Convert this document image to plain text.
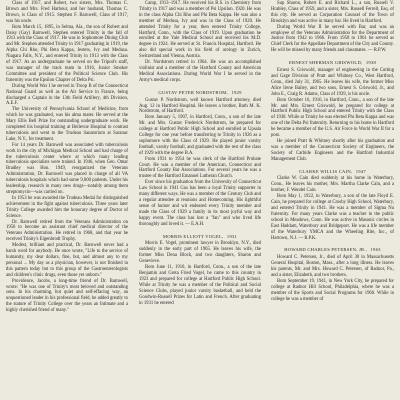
Class of 1917, and Robert, two sisters, Mrs. Thomas C. Brown and Mrs. Fred Harbour, and her husband, Thomas C. Brown, is Class of 1915. Stephen F. Barnwell, Class of 1917, was his uncle.

Born March 15, 1895, in Selma, Ala., the son of Robert and Daisy (Gay) Barnwell, Stephen entered Trinity in the fall of 1913 with the Class of 1917. He was in Sophomore Dining Club and Mr. Stephen attended Trinity in 1917 graduating in 1919, the Alpha Chi Rho, Phi Beta Kappa, Jesters, Ivy and Medusa. Niagara Falls, N.Y., and entered Trinity in 1913 with the Class of 1917. As an undergraduate he served on the Tripod's staff, was manager of the track team in 1916, Junior Smoker Committee and president of the Political Science Club. His fraternity was the Epsilon Chapter of Delta Psi.

During World War I he served in Troop B of the Connecticut National Guard as well as the Air Service in France, being discharged a Captain in the 13th Field Artillery, 4th Division, A.E.F.

The University of Pennsylvania School of Medicine, from which he was graduated, was his alma mater. He served at the Mary Ellis Bell Prize for outstanding undergraduate work. He completed his hospital training at Bellevue Hospital to contrast tuberculosis and went to the Trudeau Sanatorium at Saranac Lake, N.Y., for treatment.

For 14 years Dr. Barnwell was associated with tuberculosis work in the city of Michigan Medical School and had charge of the tuberculosis center where at which many leading tuberculosis specialists were trained. In 1946, when Gen. Omar Bradley was Hon. 1949, reorganized the Veterans Administration, Dr. Barnwell was placed in charge of all VA tuberculosis hospitals which had some 9,000 patients. Under his leadership, research in many new drugs—notably among them streptomycin—was carried on.

In 1953 he was awarded the Trudeau Medal for distinguished achievement in the fight against tuberculosis. Three years later Trinity College awarded him the honorary degree of Doctor of Science.

Dr. Barnwell retired from the Veterans Administration on 1956 to become an assistant chief medical director of the Veterans Administration. He retired in 1968, and that year he received Trinity's Eigenbrodt Trophy.

Modest, brilliant and practical, Dr. Barnwell never had a harsh word for anybody. He once wrote, "Life to the service of humanity, my dear dollars, fine, but, and almost any to my personal ... My day as a physician, however, is not finished in this pattern today but to this group of the Gastroenterologists and children's clinic drugs, even those yet unborn."

Providence, Jacobs, a long-time friend of Dr. Barnwell, wrote: "He was one of Trinity's most beloved and outstanding sons. In his charming, but quiet and self-effacing way, an unquestioned leader in his professional field, he added greatly to the stature of Trinity College over the years an Intimate and a highly cherished friend of many."

Camp, 1913–1917. He received his B.S. in Chemistry from Trinity in 1917 and was a member of Psi Upsilon. 1920. He was in the class Alpha Chi Rho and Phi Beta Kappa. He was also a member of Medusa, Ivy and was in the Class of 1920. He attended Trinity for a year, then entered Trinity College, Hartford, Conn., with the Class of 1919. Upon graduation he enrolled at the Yale Medical School and received his M.D. degree in 1924. He served at St. Francis Hospital, Hartford. He also did special work in his field of urology in Zurich, Switzerland and Vienna, Austria.

Dr. Nordstrom retired in 1964. He was an accomplished violinist and a member of the Hartford County and American Medical Associations. During World War I he served in the Army's medical corps.

GUSTAV PETER NORDSTROM, 1929

Gustav P. Nordstrom, well known Hartford attorney, died Aug. 12 in Hartford Hospital. He leaves a brother, Ruth M. K. Nordstrom, of Hartford.

Born January 5, 1907, in Hartford, Conn., a son of the late Mr. and Mrs. Gustav Frederick Nordstrom, he prepared for college at Hartford Public High School and enrolled at Upsala College for one year before transferring to Trinity in 1926 as a sophomore with the Class of 1929. He played junior varsity football, varsity football, and graduated with the rest of the class of 1929 with the degree B.A.

From 1931 to 1954 he was clerk of the Hartford Probate Court. He was a member of the American, Connecticut and Hartford County Bar Associations. For several years he was a trustee of the Hartford Emanuel Lutheran Church.

Ever since his graduation from the University of Connecticut Law School in 1941 Gus has been a loyal Trinity supporter in many different ways. He was a member of the Century Club and a regular attendee at reunions and Homecoming. His lighthful sense of humor and wit endeared every Trinity member and made the Class of 1929 a family in its most joyful way and happy event. The class has lost a "fan" and who lived life thoroughly and loved it. — E.A.H.

MORRIS ELLIOTT VOGEL, 1931

Morris E. Vogel, prominent lawyer in Brooklyn, N.Y., died suddenly in the early part of 1965. He leaves his wife, the former Miss Dena Block, and two daughters, Sharon and Genevieve.

Born June 11, 1910, in Hartford, Conn., a son of the late Benjamin and Greta Fried Vogel, he came to this country in 1923 and prepared for college at Hartford Public High School. While at Trinity he was a member of the Political and Social Science Clubs, played junior varsity basketball, and held the Goodwin-Russell Prizes for Latin and French. After graduating in 1931 he entered

Sup Sharon, Robert E. and Richard L., a son, Russell V. Hrabley, Class of 1959, and a sister, Mrs. Russell Ferrell, Esq. of this city. He served as Corporation Counsel of the Town of Brooklyn and was active in many bar. He lived in Hartford.

During World War II he served with Bar, and was an employee of the Veterans Administration for the Department of Justice from 1942 to 1966. From 1958 to 1961 he served as Chief Clerk for the Appellate Department of the City and County. He will be missed by many friends and classmates. — R.P.W.

ERNEST SHERMAN GRISWOLD, 1938

Ernest S. Griswold, manager of engineering in the Cutting and Gage Division of Pratt and Whitney Co., West Hartford, Conn., died July 31, 1965. He leaves his wife, the former Miss Alice Irene Bailey, and two sons, Ernest S. Griswold, Jr., and John E., Craig R. Adams, Class of 1939, is his uncle.

Born October 16, 1916, in Hartford, Conn., a son of the late Mr. and Mrs. Ernest Griswold, he prepared for college at Hartford Public High School and entered Trinity with the Class of 1938. While at Trinity he was elected Phi Beta Kappa and was one of the Delta Psi fraternity. Returning to his home in Hartford he became a member of the U.S. Air Force in World War II for a post.

He joined Pratt & Whitney shortly after his graduation and was a member of the Connecticut Society of Engineers, the Society of Carbide Engineers and the Hartford Industrial Management Club.

CLARKE WILLIS CAIN, 1947

Clarke W. Cain died suddenly at his home in Waterbury, Conn., He leaves his mother, Mrs. Martha Clarke Cain, and a brother, F. Wendel Cain.

Born May 1, 1922, in Waterbury, a son of the late Floyd E. Cain, he prepared for college at Crosby High School, Waterbury, and entered Trinity in 1941. He was a member of Sigma Nu fraternity. For many years Clarke was a teacher in the public school in Meadows, Conn. He was active in Masonic circles in East Haddam, Waterbury and Bridgeport. He was a life member of the Waterbury YMCA and the Wheeling Rite, Inc., of Hartown, N.J. — R.P.K.

HOWARD CHARLES PETERSEN, JR., 1963

Howard C. Petersen, Jr., died of April 30 in Massachusetts General Hospital, Boston, Mass., after a long illness. He leaves his parents, Mr. and Mrs. Howard C. Petersen, of Radnor, Pa., and a sister, Elizabeth, and two brothers.

Born September 19, 1941, in New York City, he prepared for college at Radnor Hill School, Philadelphia, where he was a member of the Sports and Social Programs for 1960. While in college he was a member of
